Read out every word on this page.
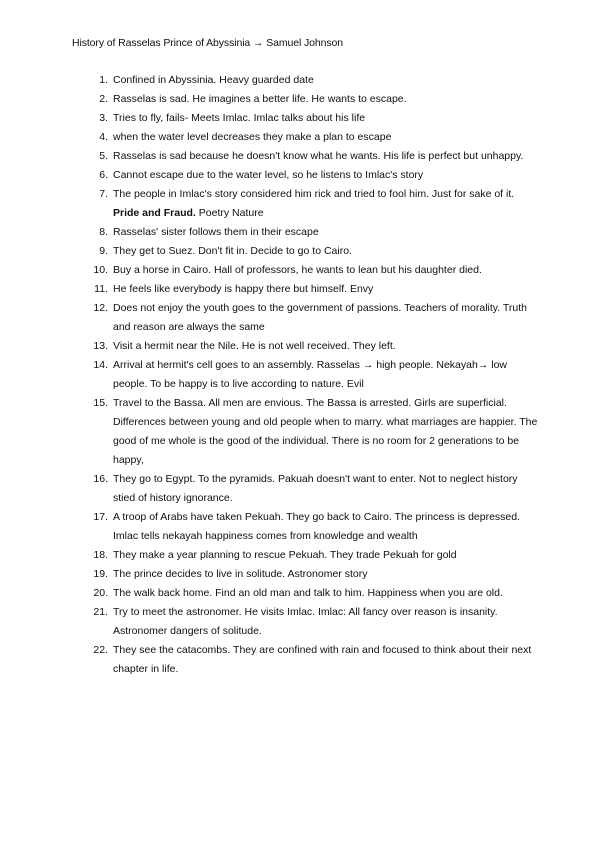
History of Rasselas Prince of Abyssinia → Samuel Johnson
1. Confined in Abyssinia. Heavy guarded date
2. Rasselas is sad. He imagines a better life. He wants to escape.
3. Tries to fly, fails- Meets Imlac. Imlac talks about his life
4. when the water level decreases they make a plan to escape
5. Rasselas is sad because he doesn't know what he wants. His life is perfect but unhappy.
6. Cannot escape due to the water level, so he listens to Imlac's story
7. The people in Imlac's story considered him rick and tried to fool him. Just for sake of it. Pride and Fraud. Poetry Nature
8. Rasselas' sister follows them in their escape
9. They get to Suez. Don't fit in. Decide to go to Cairo.
10. Buy a horse in Cairo. Hall of professors, he wants to lean but his daughter died.
11. He feels like everybody is happy there but himself. Envy
12. Does not enjoy the youth goes to the government of passions. Teachers of morality. Truth and reason are always the same
13. Visit a hermit near the Nile. He is not well received. They left.
14. Arrival at hermit's cell goes to an assembly. Rasselas → high people. Nekayah→ low people. To be happy is to live according to nature. Evil
15. Travel to the Bassa. All men are envious. The Bassa is arrested. Girls are superficial. Differences between young and old people when to marry. what marriages are happier. The good of me whole is the good of the individual. There is no room for 2 generations to be happy,
16. They go to Egypt. To the pyramids. Pakuah doesn't want to enter. Not to neglect history stied of history ignorance.
17. A troop of Arabs have taken Pekuah. They go back to Cairo. The princess is depressed. Imlac tells nekayah happiness comes from knowledge and wealth
18. They make a year planning to rescue Pekuah. They trade Pekuah for gold
19. The prince decides to live in solitude. Astronomer story
20. The walk back home. Find an old man and talk to him. Happiness when you are old.
21. Try to meet the astronomer. He visits Imlac. Imlac: All fancy over reason is insanity. Astronomer dangers of solitude.
22. They see the catacombs. They are confined with rain and focused to think about their next chapter in life.
